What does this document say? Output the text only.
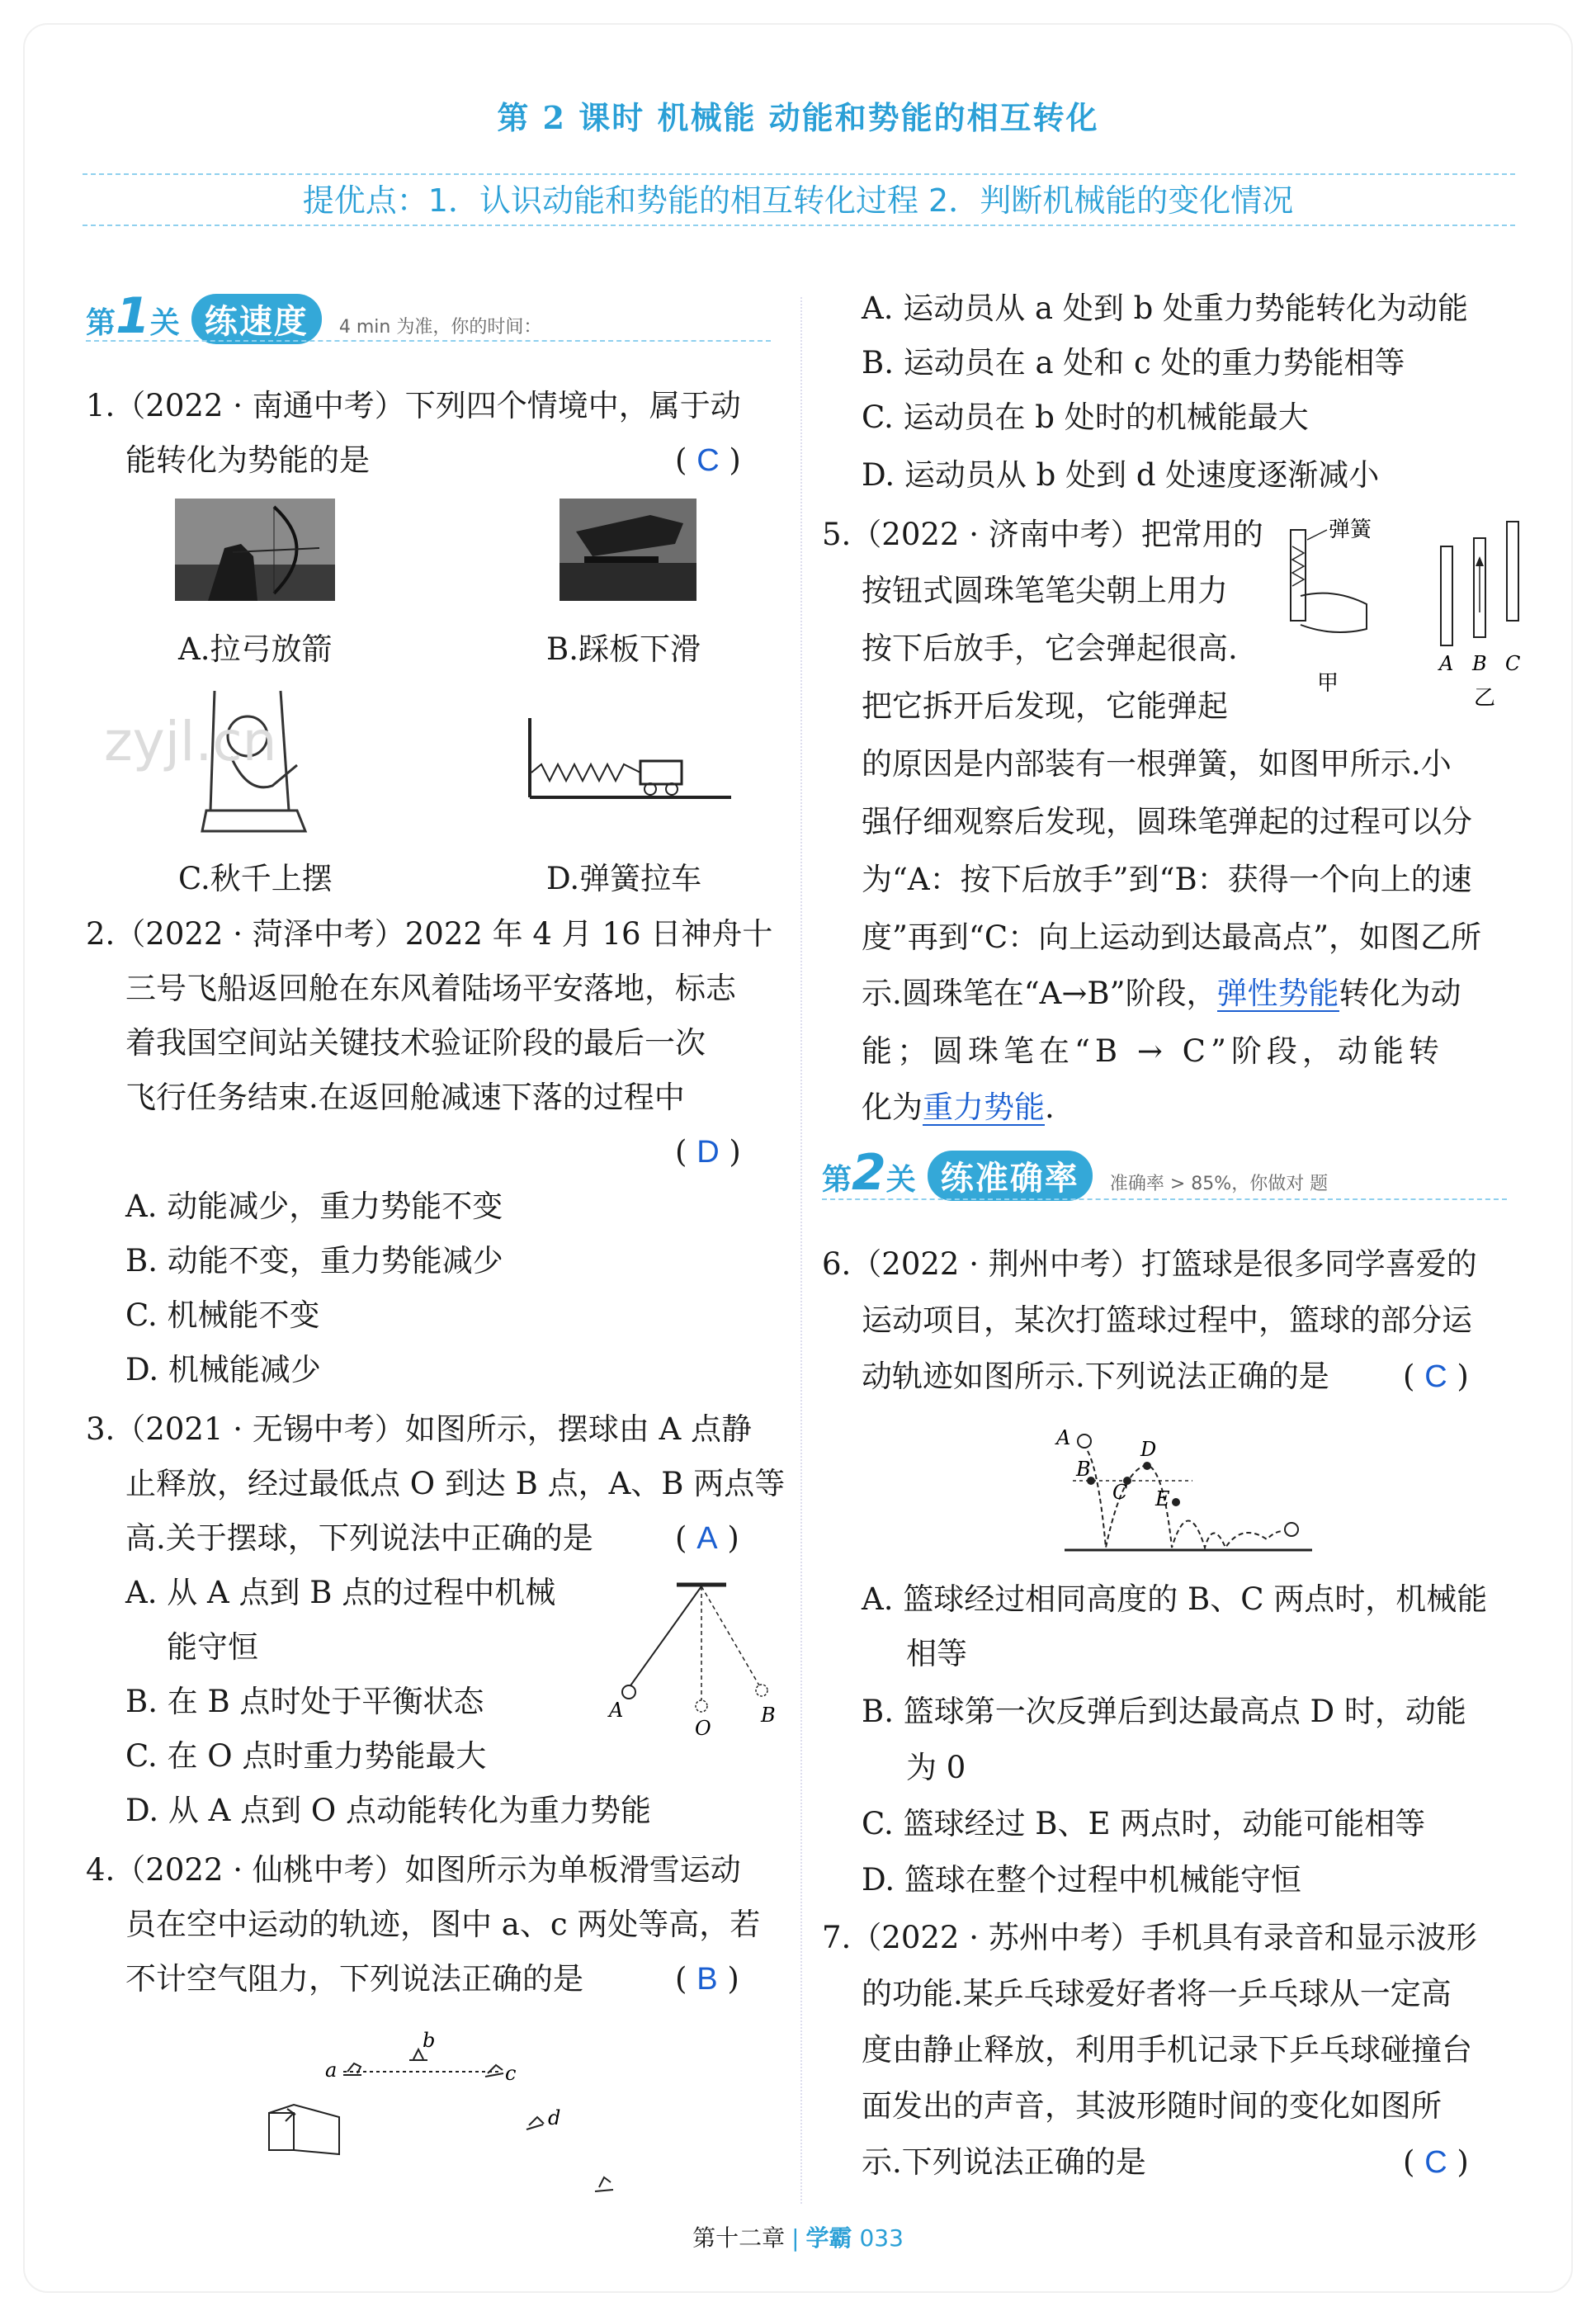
第 2 课时 机械能 动能和势能的相互转化
提优点：1．认识动能和势能的相互转化过程 2．判断机械能的变化情况
第1关 练速度 4 min 为准，你的时间：
1.（2022 · 南通中考）下列四个情境中，属于动
能转化为势能的是	( C )
A.拉弓放箭	B.踩板下滑
zyjl.cn
C.秋千上摆	D.弹簧拉车
2.（2022 · 菏泽中考）2022 年 4 月 16 日神舟十
三号飞船返回舱在东风着陆场平安落地，标志
着我国空间站关键技术验证阶段的最后一次
飞行任务结束.在返回舱减速下落的过程中
( D )
A. 动能减少，重力势能不变
B. 动能不变，重力势能减少
C. 机械能不变
D. 机械能减少
3.（2021 · 无锡中考）如图所示，摆球由 A 点静
止释放，经过最低点 O 到达 B 点，A、B 两点等
高.关于摆球，下列说法中正确的是	( A )
A. 从 A 点到 B 点的过程中机械
能守恒
B. 在 B 点时处于平衡状态
C. 在 O 点时重力势能最大
D. 从 A 点到 O 点动能转化为重力势能
A
O
B
4.（2022 · 仙桃中考）如图所示为单板滑雪运动
员在空中运动的轨迹，图中 a、c 两处等高，若
不计空气阻力，下列说法正确的是	( B )
a
b
c
d
A. 运动员从 a 处到 b 处重力势能转化为动能
B. 运动员在 a 处和 c 处的重力势能相等
C. 运动员在 b 处时的机械能最大
D. 运动员从 b 处到 d 处速度逐渐减小
5.（2022 · 济南中考）把常用的
按钮式圆珠笔笔尖朝上用力
按下后放手，它会弹起很高.
把它拆开后发现，它能弹起
弹簧
甲
A B C
乙
的原因是内部装有一根弹簧，如图甲所示.小
强仔细观察后发现，圆珠笔弹起的过程可以分
为“A：按下后放手”到“B：获得一个向上的速
度”再到“C：向上运动到达最高点”，如图乙所
示.圆珠笔在“A→B”阶段，弹性势能转化为动
能；圆珠笔在“B → C”阶段，动能转
化为重力势能.
第2关 练准确率 准确率 > 85%，你做对 题
6.（2022 · 荆州中考）打篮球是很多同学喜爱的
运动项目，某次打篮球过程中，篮球的部分运
动轨迹如图所示.下列说法正确的是 ( C )
A
B
C
D
E
A. 篮球经过相同高度的 B、C 两点时，机械能
相等
B. 篮球第一次反弹后到达最高点 D 时，动能
为 0
C. 篮球经过 B、E 两点时，动能可能相等
D. 篮球在整个过程中机械能守恒
7.（2022 · 苏州中考）手机具有录音和显示波形
的功能.某乒乓球爱好者将一乒乓球从一定高
度由静止释放，利用手机记录下乒乓球碰撞台
面发出的声音，其波形随时间的变化如图所
示.下列说法正确的是	( C )
第十二章 | 学霸 033
